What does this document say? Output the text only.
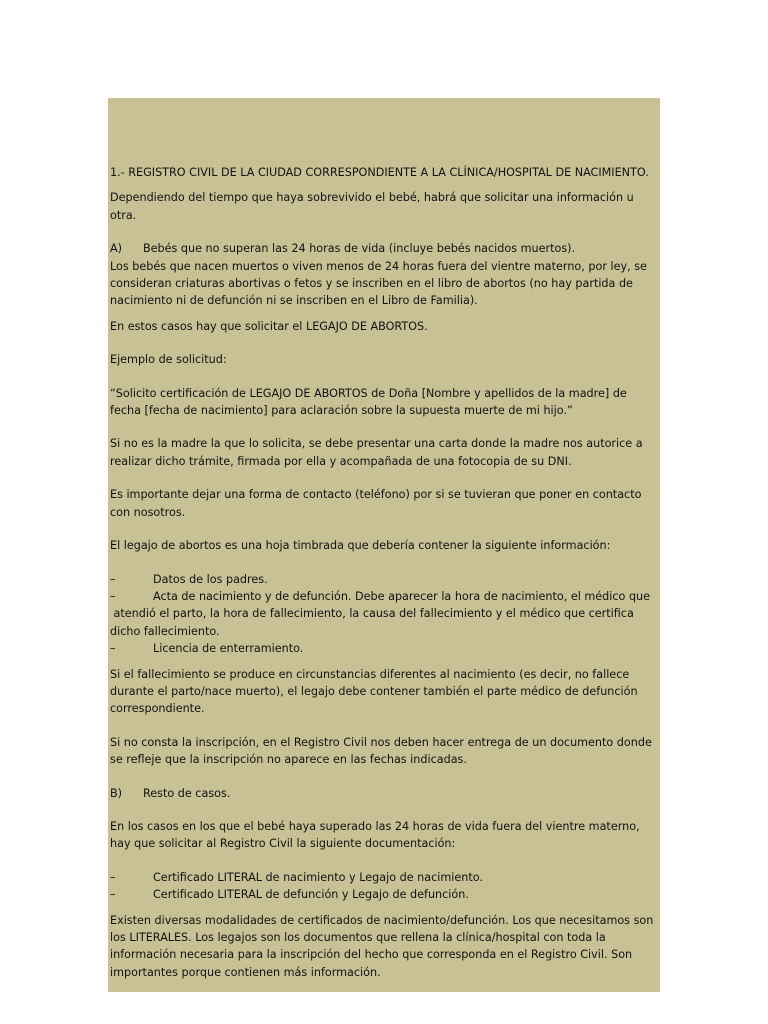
1.- REGISTRO CIVIL DE LA CIUDAD CORRESPONDIENTE A LA CLÍNICA/HOSPITAL DE NACIMIENTO.
Dependiendo del tiempo que haya sobrevivido el bebé, habrá que solicitar una información u
otra.
A) Bebés que no superan las 24 horas de vida (incluye bebés nacidos muertos).
Los bebés que nacen muertos o viven menos de 24 horas fuera del vientre materno, por ley, se
consideran criaturas abortivas o fetos y se inscriben en el libro de abortos (no hay partida de
nacimiento ni de defunción ni se inscriben en el Libro de Familia).
En estos casos hay que solicitar el LEGAJO DE ABORTOS.
Ejemplo de solicitud:
“Solicito certificación de LEGAJO DE ABORTOS de Doña [Nombre y apellidos de la madre] de
fecha [fecha de nacimiento] para aclaración sobre la supuesta muerte de mi hijo.”
Si no es la madre la que lo solicita, se debe presentar una carta donde la madre nos autorice a
realizar dicho trámite, firmada por ella y acompañada de una fotocopia de su DNI.
Es importante dejar una forma de contacto (teléfono) por si se tuvieran que poner en contacto
con nosotros.
El legajo de abortos es una hoja timbrada que debería contener la siguiente información:
–	Datos de los padres.
–	Acta de nacimiento y de defunción. Debe aparecer la hora de nacimiento, el médico que
atendió el parto, la hora de fallecimiento, la causa del fallecimiento y el médico que certifica
dicho fallecimiento.
–	Licencia de enterramiento.
Si el fallecimiento se produce en circunstancias diferentes al nacimiento (es decir, no fallece
durante el parto/nace muerto), el legajo debe contener también el parte médico de defunción
correspondiente.
Si no consta la inscripción, en el Registro Civil nos deben hacer entrega de un documento donde
se refleje que la inscripción no aparece en las fechas indicadas.
B) Resto de casos.
En los casos en los que el bebé haya superado las 24 horas de vida fuera del vientre materno,
hay que solicitar al Registro Civil la siguiente documentación:
–	Certificado LITERAL de nacimiento y Legajo de nacimiento.
–	Certificado LITERAL de defunción y Legajo de defunción.
Existen diversas modalidades de certificados de nacimiento/defunción. Los que necesitamos son
los LITERALES. Los legajos son los documentos que rellena la clínica/hospital con toda la
información necesaria para la inscripción del hecho que corresponda en el Registro Civil. Son
importantes porque contienen más información.
